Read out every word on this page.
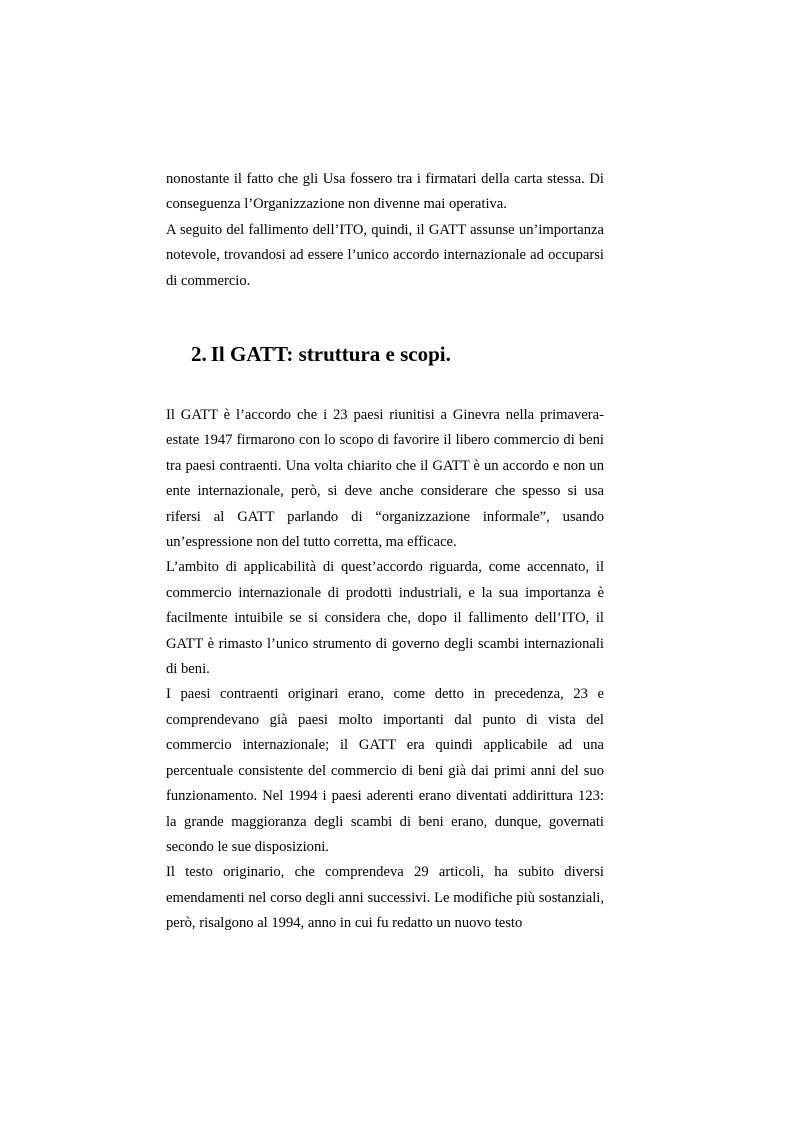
nonostante il fatto che gli Usa fossero tra i firmatari della carta stessa. Di conseguenza l’Organizzazione non divenne mai operativa.

A seguito del fallimento dell’ITO, quindi, il GATT assunse un’importanza notevole, trovandosi ad essere l’unico accordo internazionale ad occuparsi di commercio.

2. Il GATT: struttura e scopi.

Il GATT è l’accordo che i 23 paesi riunitisi a Ginevra nella primavera-estate 1947 firmarono con lo scopo di favorire il libero commercio di beni tra paesi contraenti. Una volta chiarito che il GATT è un accordo e non un ente internazionale, però, si deve anche considerare che spesso si usa rifersi al GATT parlando di “organizzazione informale”, usando un’espressione non del tutto corretta, ma efficace.

L’ambito di applicabilità di quest’accordo riguarda, come accennato, il commercio internazionale di prodotti industriali, e la sua importanza è facilmente intuibile se si considera che, dopo il fallimento dell’ITO, il GATT è rimasto l’unico strumento di governo degli scambi internazionali di beni.

I paesi contraenti originari erano, come detto in precedenza, 23 e comprendevano già paesi molto importanti dal punto di vista del commercio internazionale; il GATT era quindi applicabile ad una percentuale consistente del commercio di beni già dai primi anni del suo funzionamento. Nel 1994 i paesi aderenti erano diventati addirittura 123: la grande maggioranza degli scambi di beni erano, dunque, governati secondo le sue disposizioni.

Il testo originario, che comprendeva 29 articoli, ha subito diversi emendamenti nel corso degli anni successivi. Le modifiche più sostanziali, però, risalgono al 1994, anno in cui fu redatto un nuovo testo
